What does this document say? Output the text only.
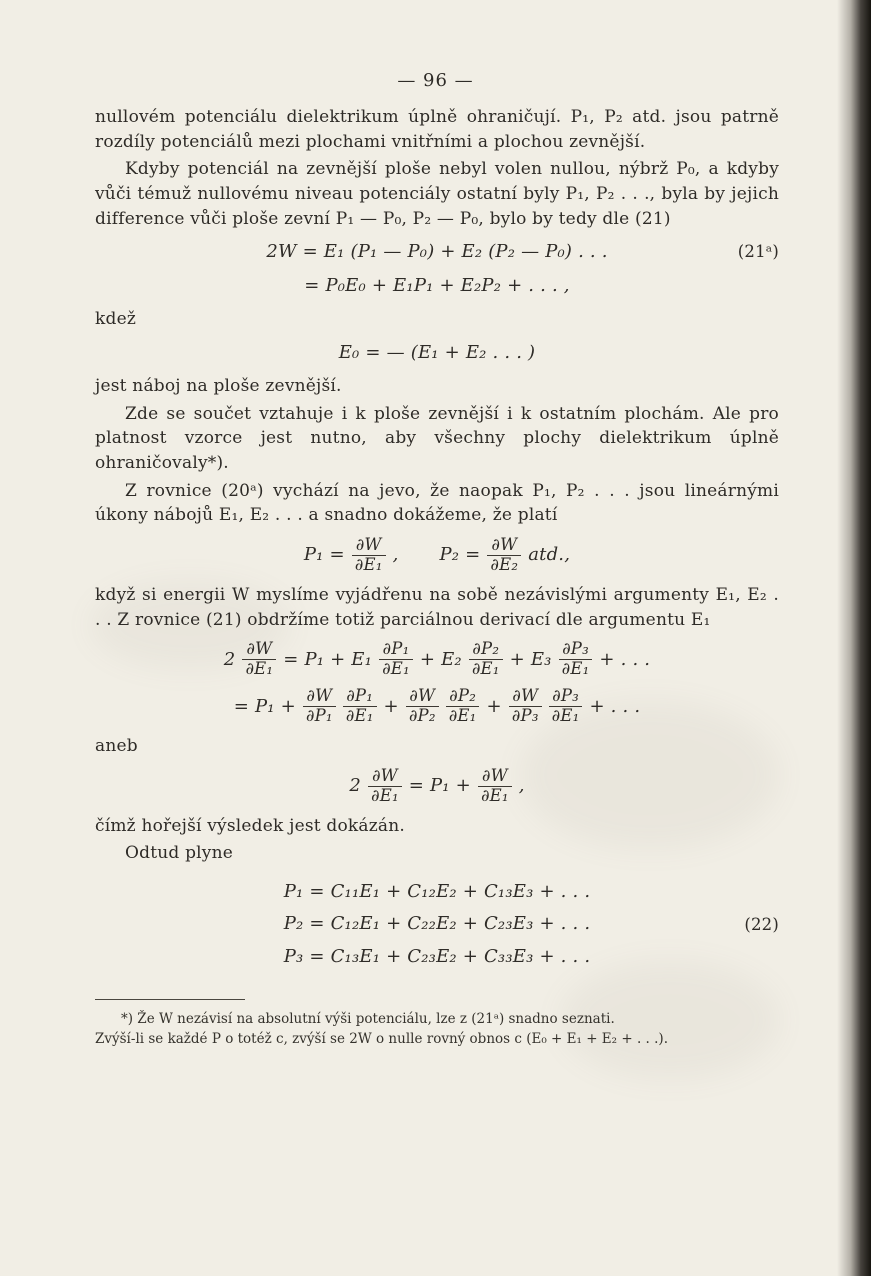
— 96 —

nullovém potenciálu dielektrikum úplně ohraničují. P₁, P₂ atd. jsou patrně rozdíly potenciálů mezi plochami vnitřními a plochou zevnější.

Kdyby potenciál na zevnější ploše nebyl volen nullou, nýbrž P₀, a kdyby vůči témuž nullovému niveau potenciály ostatní byly P₁, P₂ . . ., byla by jejich difference vůči ploše zevní P₁ — P₀, P₂ — P₀, bylo by tedy dle (21)

2W = E₁ (P₁ — P₀) + E₂ (P₂ — P₀) . . .	(21ᵃ)
= P₀E₀ + E₁P₁ + E₂P₂ + . . . ,

kdež

E₀ = — (E₁ + E₂ . . . )

jest náboj na ploše zevnější.

Zde se součet vztahuje i k ploše zevnější i k ostatním plochám. Ale pro platnost vzorce jest nutno, aby všechny plochy dielektrikum úplně ohraničovaly*).

Z rovnice (20ᵃ) vychází na jevo, že naopak P₁, P₂ . . . jsou lineárnými úkony nábojů E₁, E₂ . . . a snadno dokážeme, že platí

$P_1 = \frac{\partial W}{\text{∂E₁}}$ , $P_2 = \frac{\partial W}{\text{∂E₂}}$ atd.,

když si energii W myslíme vyjádřenu na sobě nezávislými argumenty E₁, E₂ . . . Z rovnice (21) obdržíme totiž parciálnou derivací dle argumentu E₁

$2 \frac{\partial W}{\text{∂E₁}} = P_1 + E_1 \frac{\text{∂P₁}}{\text{∂E₁}} + E_2 \frac{\text{∂P₂}}{\text{∂E₁}} + E_3 \frac{\text{∂P₃}}{\text{∂E₁}}$ + . . .
= $P_1 + \frac{\partial W}{\text{∂P₁}} \frac{\text{∂P₁}}{\text{∂E₁}} + \frac{\partial W}{\text{∂P₂}} \frac{\text{∂P₂}}{\text{∂E₁}} + \frac{\partial W}{\text{∂P₃}} \frac{\text{∂P₃}}{\text{∂E₁}}$ + . . .

aneb

$2 \frac{\partial W}{\text{∂E₁}} = P_1 + \frac{\partial W}{\text{∂E₁}}$ ,

čímž hořejší výsledek jest dokázán.

Odtud plyne

P₁ = C₁₁E₁ + C₁₂E₂ + C₁₃E₃ + . . .
P₂ = C₁₂E₁ + C₂₂E₂ + C₂₃E₃ + . . .
P₃ = C₁₃E₁ + C₂₃E₂ + C₃₃E₃ + . . .
(22)

*) Že W nezávisí na absolutní výši potenciálu, lze z (21ᵃ) snadno seznati.

Zvýší-li se každé P o totéž c, zvýší se 2W o nulle rovný obnos c (E₀ + E₁ + E₂ + . . .).
